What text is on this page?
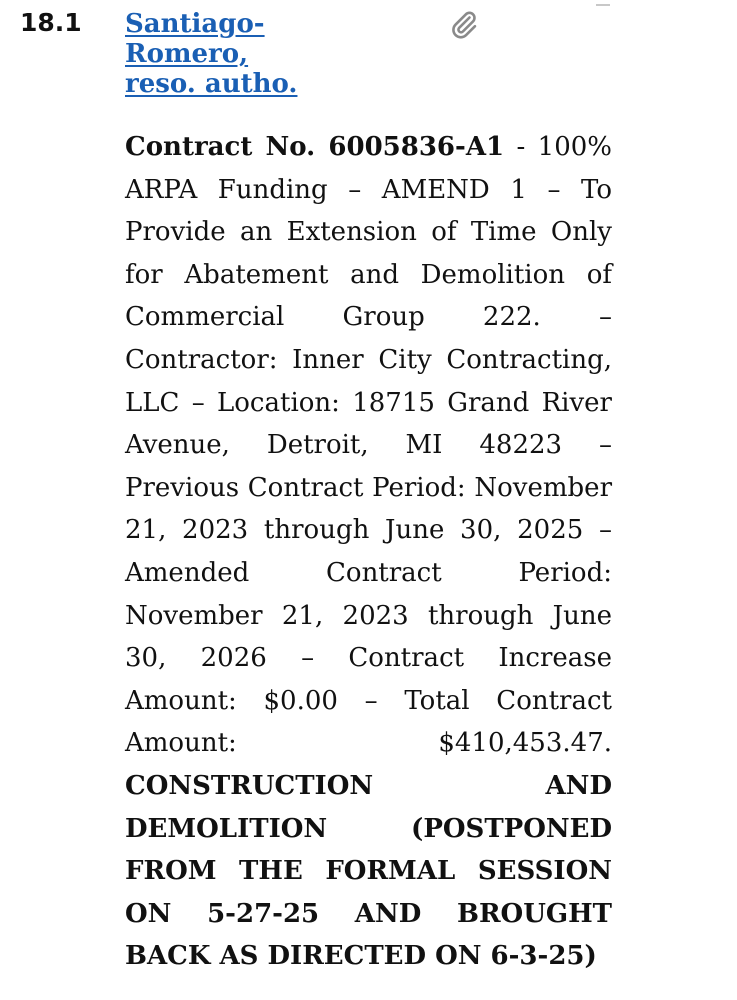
18.1 Santiago-Romero, reso. autho.

Contract No. 6005836-A1 - 100% ARPA Funding – AMEND 1 – To Provide an Extension of Time Only for Abatement and Demolition of Commercial Group 222. – Contractor: Inner City Contracting, LLC – Location: 18715 Grand River Avenue, Detroit, MI 48223 – Previous Contract Period: November 21, 2023 through June 30, 2025 – Amended Contract Period: November 21, 2023 through June 30, 2026 – Contract Increase Amount: $0.00 – Total Contract Amount: $410,453.47. CONSTRUCTION AND DEMOLITION (POSTPONED FROM THE FORMAL SESSION ON 5-27-25 AND BROUGHT BACK AS DIRECTED ON 6-3-25)
